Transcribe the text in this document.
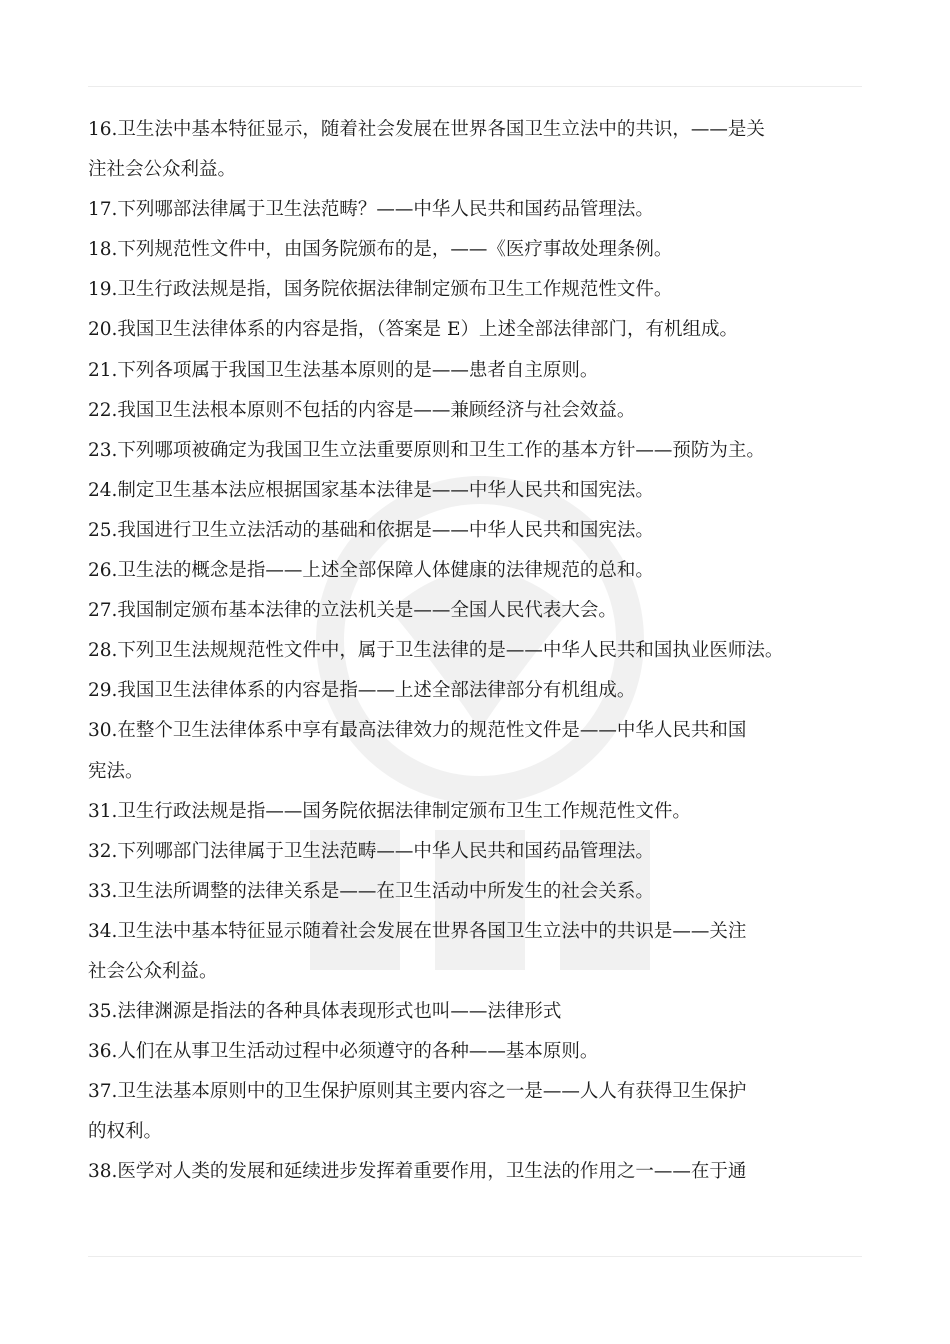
16.卫生法中基本特征显示，随着社会发展在世界各国卫生立法中的共识，——是关
注社会公众利益。
17.下列哪部法律属于卫生法范畴？——中华人民共和国药品管理法。
18.下列规范性文件中，由国务院颁布的是，——《医疗事故处理条例。
19.卫生行政法规是指，国务院依据法律制定颁布卫生工作规范性文件。
20.我国卫生法律体系的内容是指，（答案是 E）上述全部法律部门，有机组成。
21.下列各项属于我国卫生法基本原则的是——患者自主原则。
22.我国卫生法根本原则不包括的内容是——兼顾经济与社会效益。
23.下列哪项被确定为我国卫生立法重要原则和卫生工作的基本方针——预防为主。
24.制定卫生基本法应根据国家基本法律是——中华人民共和国宪法。
25.我国进行卫生立法活动的基础和依据是——中华人民共和国宪法。
26.卫生法的概念是指——上述全部保障人体健康的法律规范的总和。
27.我国制定颁布基本法律的立法机关是——全国人民代表大会。
28.下列卫生法规规范性文件中，属于卫生法律的是——中华人民共和国执业医师法。
29.我国卫生法律体系的内容是指——上述全部法律部分有机组成。
30.在整个卫生法律体系中享有最高法律效力的规范性文件是——中华人民共和国
宪法。
31.卫生行政法规是指——国务院依据法律制定颁布卫生工作规范性文件。
32.下列哪部门法律属于卫生法范畴——中华人民共和国药品管理法。
33.卫生法所调整的法律关系是——在卫生活动中所发生的社会关系。
34.卫生法中基本特征显示随着社会发展在世界各国卫生立法中的共识是——关注
社会公众利益。
35.法律渊源是指法的各种具体表现形式也叫——法律形式
36.人们在从事卫生活动过程中必须遵守的各种——基本原则。
37.卫生法基本原则中的卫生保护原则其主要内容之一是——人人有获得卫生保护
的权利。
38.医学对人类的发展和延续进步发挥着重要作用，卫生法的作用之一——在于通
